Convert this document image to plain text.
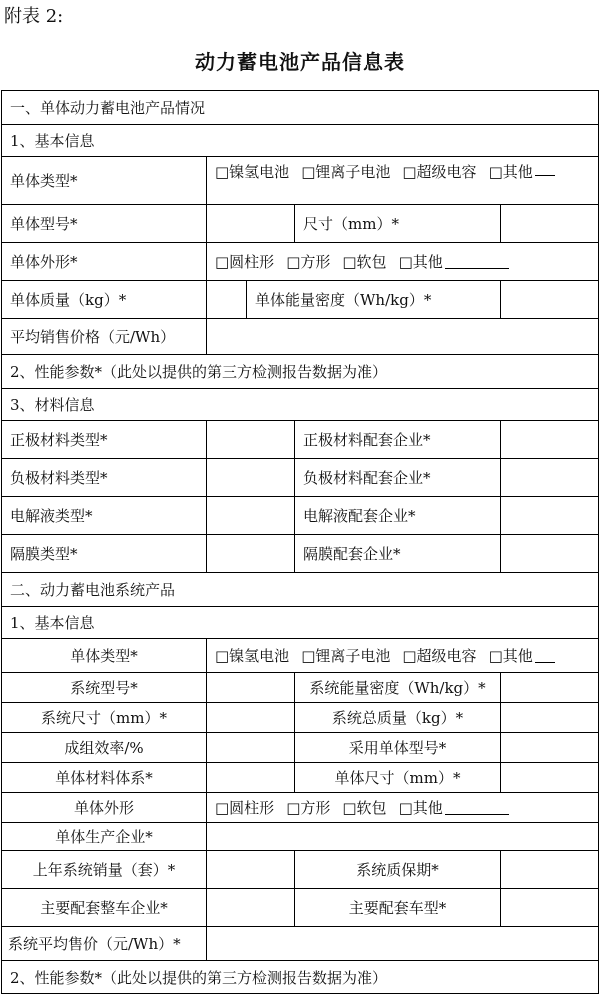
附表 2:
动力蓄电池产品信息表
一、单体动力蓄电池产品情况
1、基本信息
单体类型*	□镍氢电池 □锂离子电池 □超级电容 □其他
单体型号*	尺寸（mm）*
单体外形*	□圆柱形 □方形 □软包 □其他
单体质量（kg）*	单体能量密度（Wh/kg）*
平均销售价格（元/Wh）
2、性能参数*（此处以提供的第三方检测报告数据为准）
3、材料信息
正极材料类型*	正极材料配套企业*
负极材料类型*	负极材料配套企业*
电解液类型*	电解液配套企业*
隔膜类型*	隔膜配套企业*
二、动力蓄电池系统产品
1、基本信息
单体类型*	□镍氢电池 □锂离子电池 □超级电容 □其他
系统型号*	系统能量密度（Wh/kg）*
系统尺寸（mm）*	系统总质量（kg）*
成组效率/%	采用单体型号*
单体材料体系*	单体尺寸（mm）*
单体外形	□圆柱形 □方形 □软包 □其他
单体生产企业*
上年系统销量（套）*	系统质保期*
主要配套整车企业*	主要配套车型*
系统平均售价（元/Wh）*
2、性能参数*（此处以提供的第三方检测报告数据为准）
